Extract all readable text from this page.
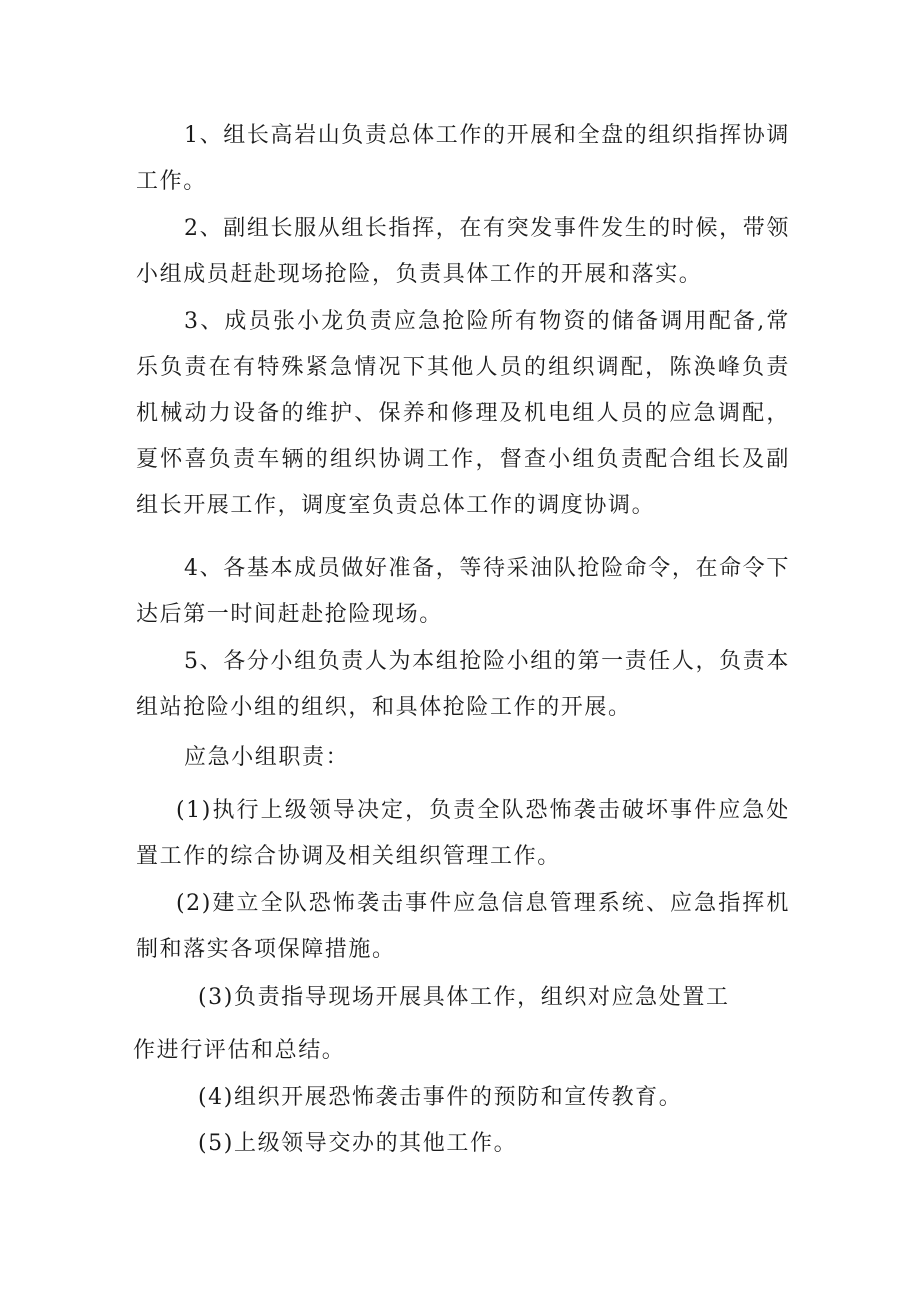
1、组长高岩山负责总体工作的开展和全盘的组织指挥协调工作。

2、副组长服从组长指挥，在有突发事件发生的时候，带领小组成员赶赴现场抢险，负责具体工作的开展和落实。

3、成员张小龙负责应急抢险所有物资的储备调用配备,常乐负责在有特殊紧急情况下其他人员的组织调配，陈涣峰负责机械动力设备的维护、保养和修理及机电组人员的应急调配，夏怀喜负责车辆的组织协调工作，督查小组负责配合组长及副组长开展工作，调度室负责总体工作的调度协调。

4、各基本成员做好准备，等待采油队抢险命令，在命令下达后第一时间赶赴抢险现场。

5、各分小组负责人为本组抢险小组的第一责任人，负责本组站抢险小组的组织，和具体抢险工作的开展。

应急小组职责：

(1)执行上级领导决定，负责全队恐怖袭击破坏事件应急处置工作的综合协调及相关组织管理工作。

(2)建立全队恐怖袭击事件应急信息管理系统、应急指挥机制和落实各项保障措施。

(3)负责指导现场开展具体工作，组织对应急处置工

作进行评估和总结。

(4)组织开展恐怖袭击事件的预防和宣传教育。

(5)上级领导交办的其他工作。
